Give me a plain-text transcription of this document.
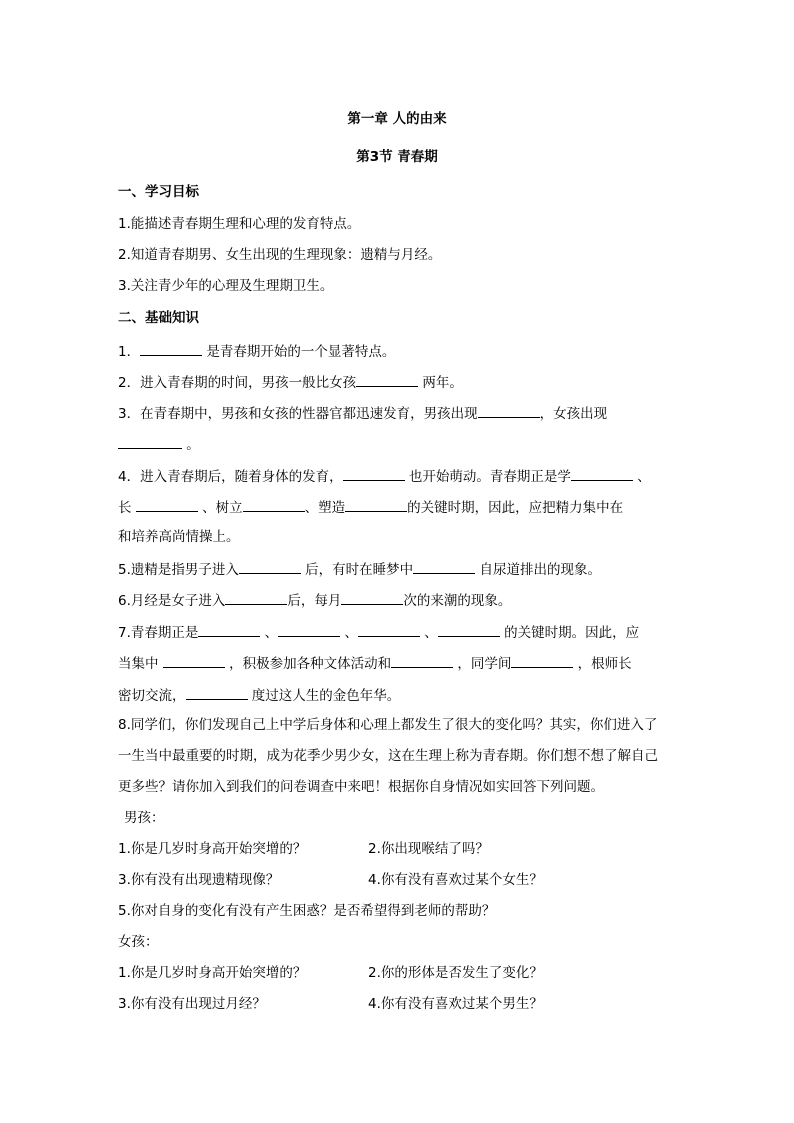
第一章 人的由来
第3节 青春期
一、学习目标
1.能描述青春期生理和心理的发育特点。
2.知道青春期男、女生出现的生理现象：遗精与月经。
3.关注青少年的心理及生理期卫生。
二、基础知识
1．	是青春期开始的一个显著特点。
2．进入青春期的时间，男孩一般比女孩	两年。
3．在青春期中，男孩和女孩的性器官都迅速发育，男孩出现	，女孩出现
。
4．进入青春期后，随着身体的发育，	也开始萌动。青春期正是学	、
长	、树立	、塑造	的关键时期，因此，应把精力集中在
和培养高尚情操上。
5.遗精是指男子进入	后，有时在睡梦中	自尿道排出的现象。
6.月经是女子进入	后，每月	次的来潮的现象。
7.青春期正是	、	、	、	的关键时期。因此，应
当集中	，积极参加各种文体活动和	，同学间	，根师长
密切交流，	度过这人生的金色年华。
8.同学们，你们发现自己上中学后身体和心理上都发生了很大的变化吗？其实，你们进入了
一生当中最重要的时期，成为花季少男少女，这在生理上称为青春期。你们想不想了解自己
更多些？请你加入到我们的问卷调查中来吧！根据你自身情况如实回答下列问题。
男孩：
1.你是几岁时身高开始突增的？	2.你出现喉结了吗？
3.你有没有出现遗精现像？	4.你有没有喜欢过某个女生？
5.你对自身的变化有没有产生困惑？是否希望得到老师的帮助？
女孩：
1.你是几岁时身高开始突增的？	2.你的形体是否发生了变化？
3.你有没有出现过月经？	4.你有没有喜欢过某个男生？
